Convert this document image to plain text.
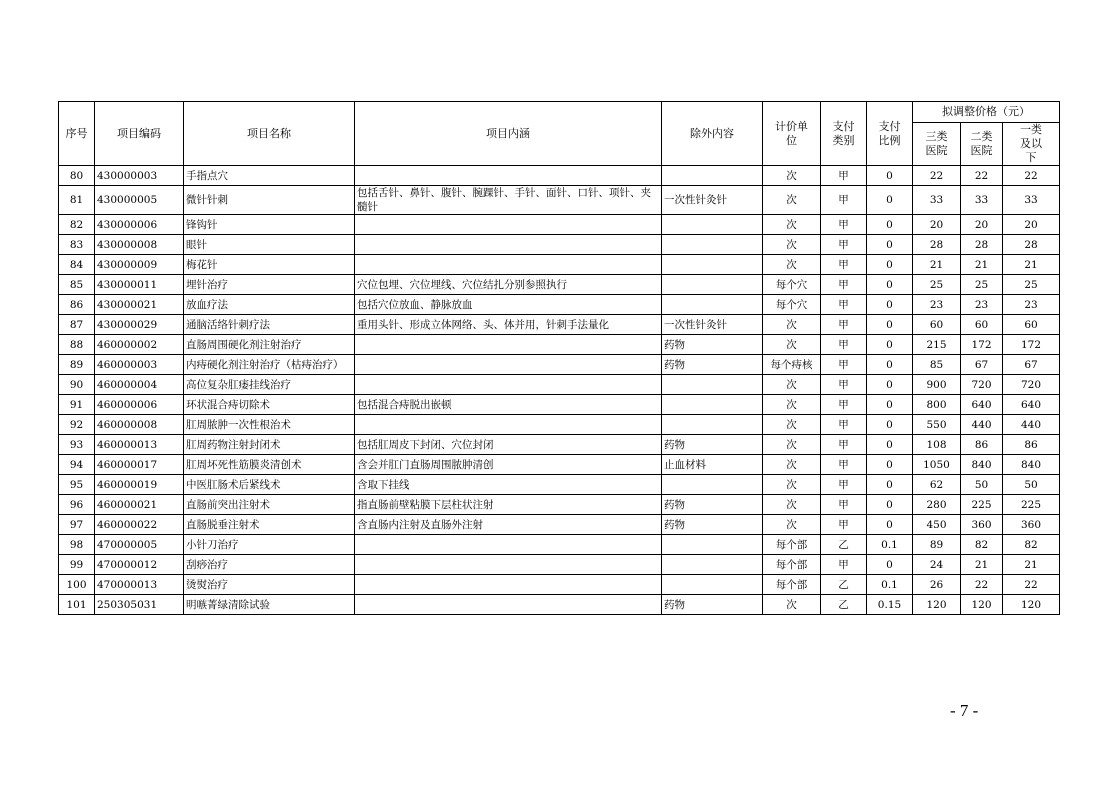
序号	项目编码	项目名称	项目内涵	除外内容	计价单位	支付类别	支付比例	拟调整价格（元）		
								三类医院	二类医院	一类及以下
80	430000003	手指点穴			次	甲	0	22	22	22
81	430000005	微针针刺	包括舌针、鼻针、腹针、腕踝针、手针、面针、口针、项针、夹髓针	一次性针灸针	次	甲	0	33	33	33
82	430000006	锋钩针			次	甲	0	20	20	20
83	430000008	眼针			次	甲	0	28	28	28
84	430000009	梅花针			次	甲	0	21	21	21
85	430000011	埋针治疗	穴位包埋、穴位埋线、穴位结扎分别参照执行		每个穴	甲	0	25	25	25
86	430000021	放血疗法	包括穴位放血、静脉放血		每个穴	甲	0	23	23	23
87	430000029	通脑活络针刺疗法	重用头针、形成立体网络、头、体并用，针刺手法量化	一次性针灸针	次	甲	0	60	60	60
88	460000002	直肠周围硬化剂注射治疗		药物	次	甲	0	215	172	172
89	460000003	内痔硬化剂注射治疗（枯痔治疗）		药物	每个痔核	甲	0	85	67	67
90	460000004	高位复杂肛瘘挂线治疗			次	甲	0	900	720	720
91	460000006	环状混合痔切除术	包括混合痔脱出嵌顿		次	甲	0	800	640	640
92	460000008	肛周脓肿一次性根治术			次	甲	0	550	440	440
93	460000013	肛周药物注射封闭术	包括肛周皮下封闭、穴位封闭	药物	次	甲	0	108	86	86
94	460000017	肛周坏死性筋膜炎清创术	含会并肛门直肠周围脓肿清创	止血材料	次	甲	0	1050	840	840
95	460000019	中医肛肠术后紧线术	含取下挂线		次	甲	0	62	50	50
96	460000021	直肠前突出注射术	指直肠前壁粘膜下层柱状注射	药物	次	甲	0	280	225	225
97	460000022	直肠脱垂注射术	含直肠内注射及直肠外注射	药物	次	甲	0	450	360	360
98	470000005	小针刀治疗			每个部	乙	0.1	89	82	82
99	470000012	刮痧治疗			每个部	甲	0	24	21	21
100	470000013	烫熨治疗			每个部	乙	0.1	26	22	22
101	250305031	明嗾菁绿清除试验		药物	次	乙	0.15	120	120	120
- 7 -
